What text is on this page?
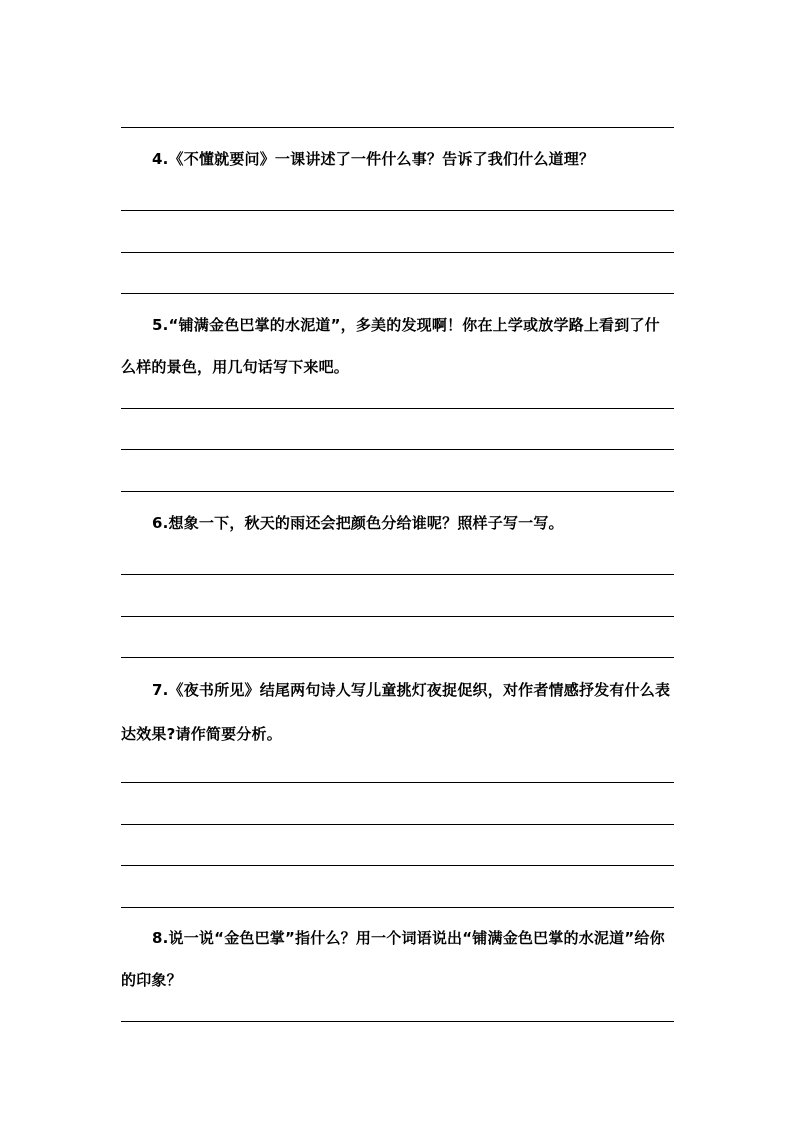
4.《不懂就要问》一课讲述了一件什么事？告诉了我们什么道理？

5.“铺满金色巴掌的水泥道”，多美的发现啊！你在上学或放学路上看到了什么样的景色，用几句话写下来吧。

6.想象一下，秋天的雨还会把颜色分给谁呢？照样子写一写。

7.《夜书所见》结尾两句诗人写儿童挑灯夜捉促织，对作者情感抒发有什么表达效果?请作简要分析。

8.说一说“金色巴掌”指什么？用一个词语说出“铺满金色巴掌的水泥道”给你的印象？
